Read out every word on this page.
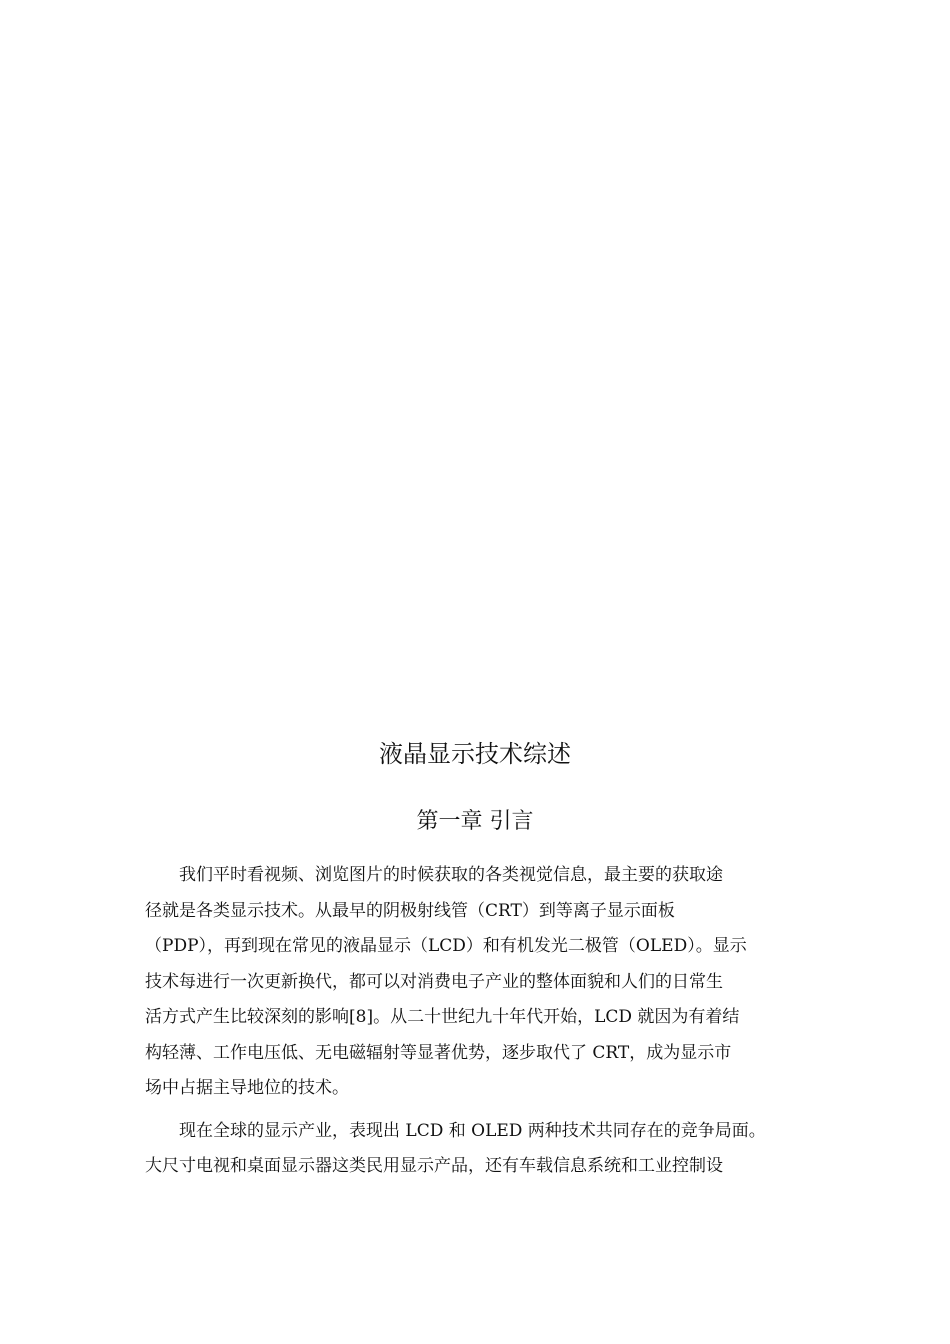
液晶显示技术综述
第一章 引言
　　我们平时看视频、浏览图片的时候获取的各类视觉信息，最主要的获取途
径就是各类显示技术。从最早的阴极射线管（CRT）到等离子显示面板
（PDP），再到现在常见的液晶显示（LCD）和有机发光二极管（OLED）。显示
技术每进行一次更新换代，都可以对消费电子产业的整体面貌和人们的日常生
活方式产生比较深刻的影响[8]。从二十世纪九十年代开始，LCD 就因为有着结
构轻薄、工作电压低、无电磁辐射等显著优势，逐步取代了 CRT，成为显示市
场中占据主导地位的技术。
　　现在全球的显示产业，表现出 LCD 和 OLED 两种技术共同存在的竞争局面。
大尺寸电视和桌面显示器这类民用显示产品，还有车载信息系统和工业控制设
